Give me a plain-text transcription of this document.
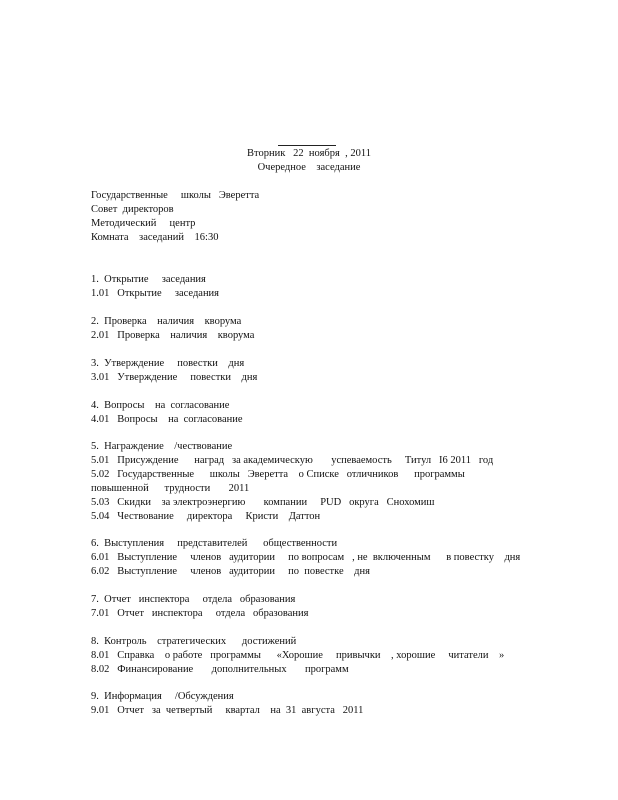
Вторник   22  ноября  , 2011
Очередное    заседание
Государственные     школы   Эверетта
Совет  директоров
Методический     центр
Комната    заседаний    16:30
1.  Открытие     заседания
1.01   Открытие     заседания
2.  Проверка    наличия    кворума
2.01   Проверка    наличия    кворума
3.  Утверждение     повестки    дня
3.01   Утверждение     повестки    дня
4.  Вопросы    на  согласование
4.01   Вопросы    на  согласование
5.  Награждение    /чествование
5.01   Присуждение      наград   за академическую       успеваемость     Титул   I6 2011   год
5.02   Государственные      школы   Эверетта    о Списке   отличников      программы
повышенной      трудности       2011
5.03   Скидки    за электроэнергию       компании     PUD   округа   Снохомиш
5.04   Чествование     директора     Кристи    Даттон
6.  Выступления     представителей      общественности
6.01   Выступление     членов   аудитории     по вопросам   , не  включенным      в повестку    дня
6.02   Выступление     членов   аудитории     по  повестке    дня
7.  Отчет   инспектора     отдела   образования
7.01   Отчет   инспектора     отдела   образования
8.  Контроль    стратегических      достижений
8.01   Справка    о работе   программы      «Хорошие     привычки    , хорошие     читатели    »
8.02   Финансирование       дополнительных       программ
9.  Информация     /Обсуждения
9.01   Отчет   за  четвертый     квартал    на  31  августа   2011
